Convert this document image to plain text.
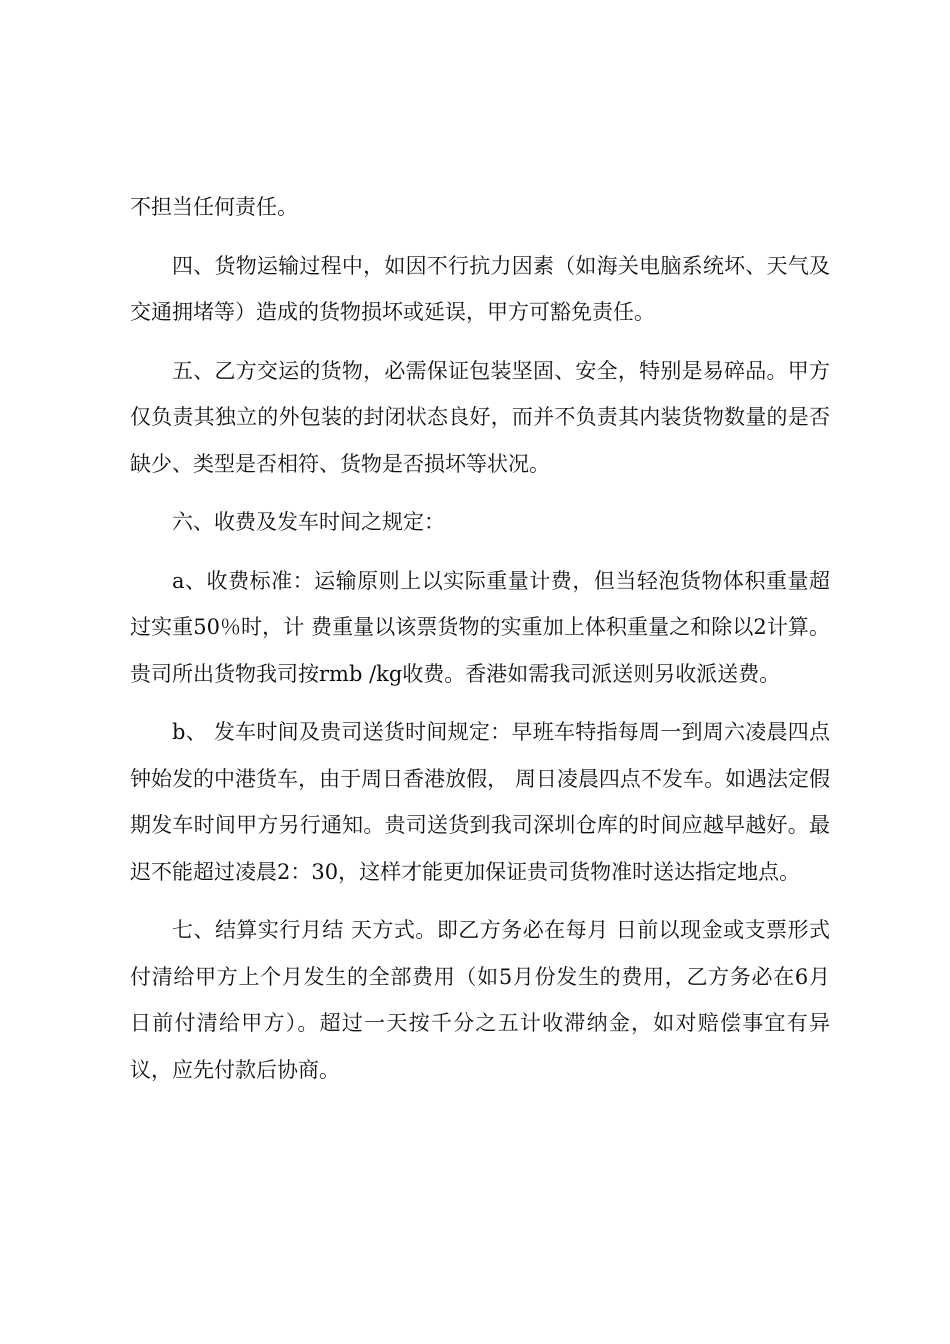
不担当任何责任。

四、货物运输过程中，如因不行抗力因素（如海关电脑系统坏、天气及交通拥堵等）造成的货物损坏或延误，甲方可豁免责任。

五、乙方交运的货物，必需保证包装坚固、安全，特别是易碎品。甲方仅负责其独立的外包装的封闭状态良好，而并不负责其内装货物数量的是否缺少、类型是否相符、货物是否损坏等状况。

六、收费及发车时间之规定：

a、收费标准：运输原则上以实际重量计费，但当轻泡货物体积重量超过实重50％时，计 费重量以该票货物的实重加上体积重量之和除以2计算。贵司所出货物我司按rmb /kg收费。香港如需我司派送则另收派送费。

b、 发车时间及贵司送货时间规定：早班车特指每周一到周六凌晨四点钟始发的中港货车，由于周日香港放假， 周日凌晨四点不发车。如遇法定假期发车时间甲方另行通知。贵司送货到我司深圳仓库的时间应越早越好。最迟不能超过凌晨2：30，这样才能更加保证贵司货物准时送达指定地点。

七、结算实行月结 天方式。即乙方务必在每月 日前以现金或支票形式付清给甲方上个月发生的全部费用（如5月份发生的费用，乙方务必在6月 日前付清给甲方）。超过一天按千分之五计收滞纳金，如对赔偿事宜有异议，应先付款后协商。
